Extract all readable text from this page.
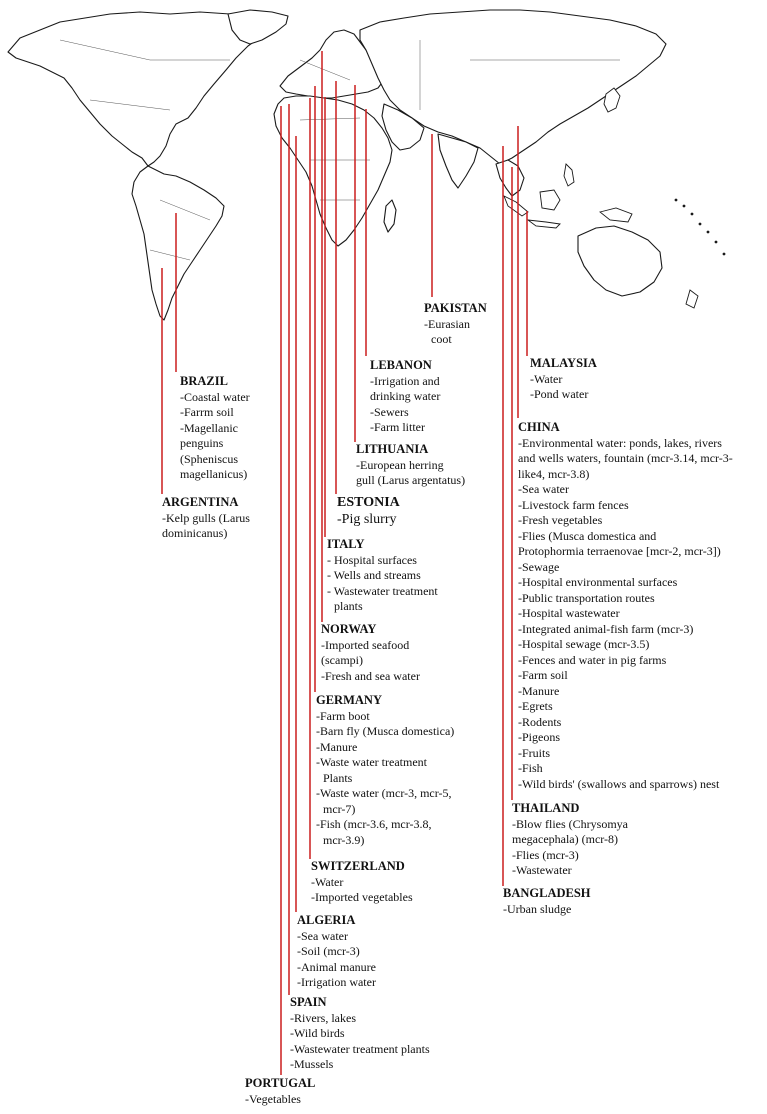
PAKISTAN
-Eurasian
coot
MALAYSIA
-Water
-Pond water
BRAZIL
-Coastal water
-Farrm soil
-Magellanic
penguins
(Spheniscus
magellanicus)
LEBANON
-Irrigation and
drinking water
-Sewers
-Farm litter
LITHUANIA
-European herring
gull (Larus argentatus)
ARGENTINA
-Kelp gulls (Larus
dominicanus)
ESTONIA
-Pig slurry
ITALY
- Hospital surfaces
- Wells and streams
- Wastewater treatment
plants
NORWAY
-Imported seafood
(scampi)
-Fresh and sea water
GERMANY
-Farm boot
-Barn fly (Musca domestica)
-Manure
-Waste water treatment
Plants
-Waste water (mcr-3, mcr-5,
mcr-7)
-Fish (mcr-3.6, mcr-3.8,
mcr-3.9)
SWITZERLAND
-Water
-Imported vegetables
ALGERIA
-Sea water
-Soil (mcr-3)
-Animal manure
-Irrigation water
SPAIN
-Rivers, lakes
-Wild birds
-Wastewater treatment plants
-Mussels
PORTUGAL
-Vegetables
CHINA
-Environmental water: ponds, lakes, rivers
and wells waters, fountain (mcr-3.14, mcr-3-
like4, mcr-3.8)
-Sea water
-Livestock farm fences
-Fresh vegetables
-Flies (Musca domestica and
Protophormia terraenovae [mcr-2, mcr-3])
-Sewage
-Hospital environmental surfaces
-Public transportation routes
-Hospital wastewater
-Integrated animal-fish farm (mcr-3)
-Hospital sewage (mcr-3.5)
-Fences and water in pig farms
-Farm soil
-Manure
-Egrets
-Rodents
-Pigeons
-Fruits
-Fish
-Wild birds' (swallows and sparrows) nest
THAILAND
-Blow flies (Chrysomya
megacephala) (mcr-8)
-Flies (mcr-3)
-Wastewater
BANGLADESH
-Urban sludge
